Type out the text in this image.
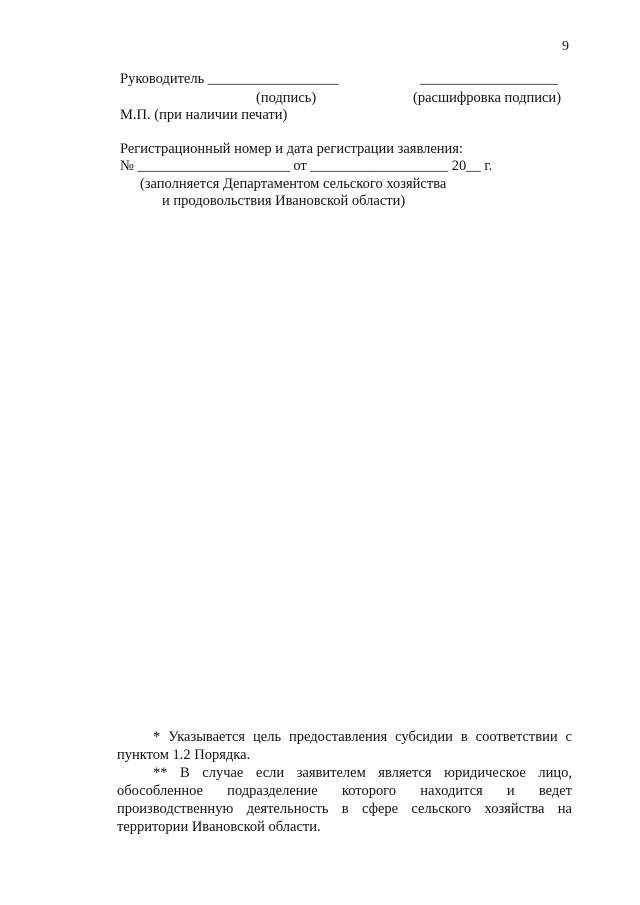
9
Руководитель __________________	___________________
(подпись)	(расшифровка подписи)
М.П. (при наличии печати)
Регистрационный номер и дата регистрации заявления:
№ _____________________ от ___________________ 20__ г.
(заполняется Департаментом сельского хозяйства
и продовольствия Ивановской области)

* Указывается цель предоставления субсидии в соответствии с пунктом 1.2 Порядка.

** В случае если заявителем является юридическое лицо, обособленное подразделение которого находится и ведет производственную деятельность в сфере сельского хозяйства на территории Ивановской области.
